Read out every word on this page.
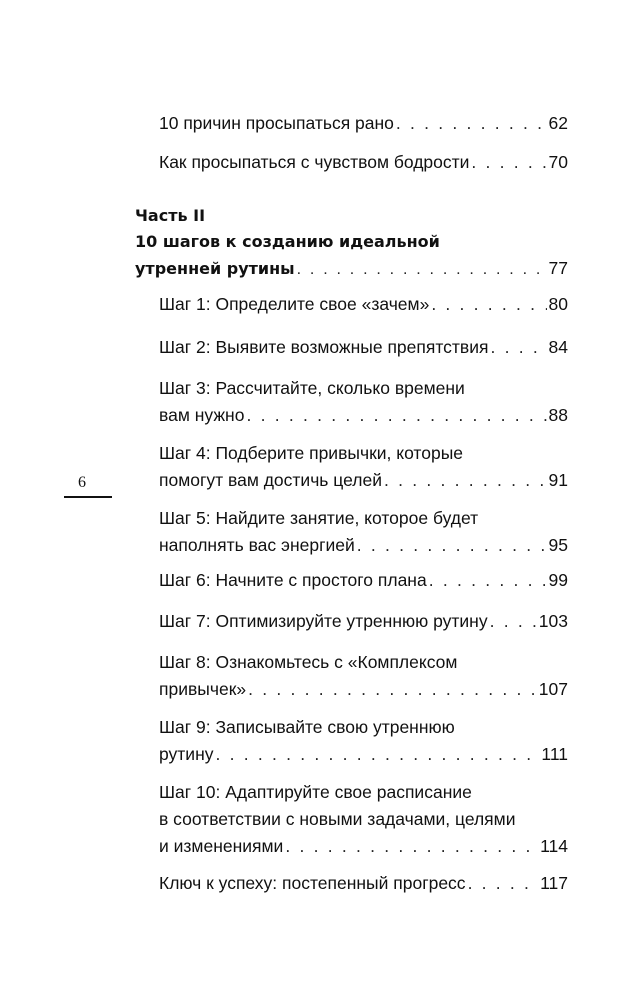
10 причин просыпаться рано . . .	62
Как просыпаться с чувством бодрости . . .	70
Часть II
10 шагов к созданию идеальной
утренней рутины . . .	77
Шаг 1: Определите свое «зачем» . . .	80
Шаг 2: Выявите возможные препятствия . . .	84
Шаг 3: Рассчитайте, сколько времени
вам нужно . . .	88
Шаг 4: Подберите привычки, которые
помогут вам достичь целей . . .	91
Шаг 5: Найдите занятие, которое будет
наполнять вас энергией . . .	95
Шаг 6: Начните с простого плана . . .	99
Шаг 7: Оптимизируйте утреннюю рутину . . .	103
Шаг 8: Ознакомьтесь с «Комплексом
привычек» . . .	107
Шаг 9: Записывайте свою утреннюю
рутину . . .	111
Шаг 10: Адаптируйте свое расписание
в соответствии с новыми задачами, целями
и изменениями . . .	114
Ключ к успеху: постепенный прогресс . . .	117
6
